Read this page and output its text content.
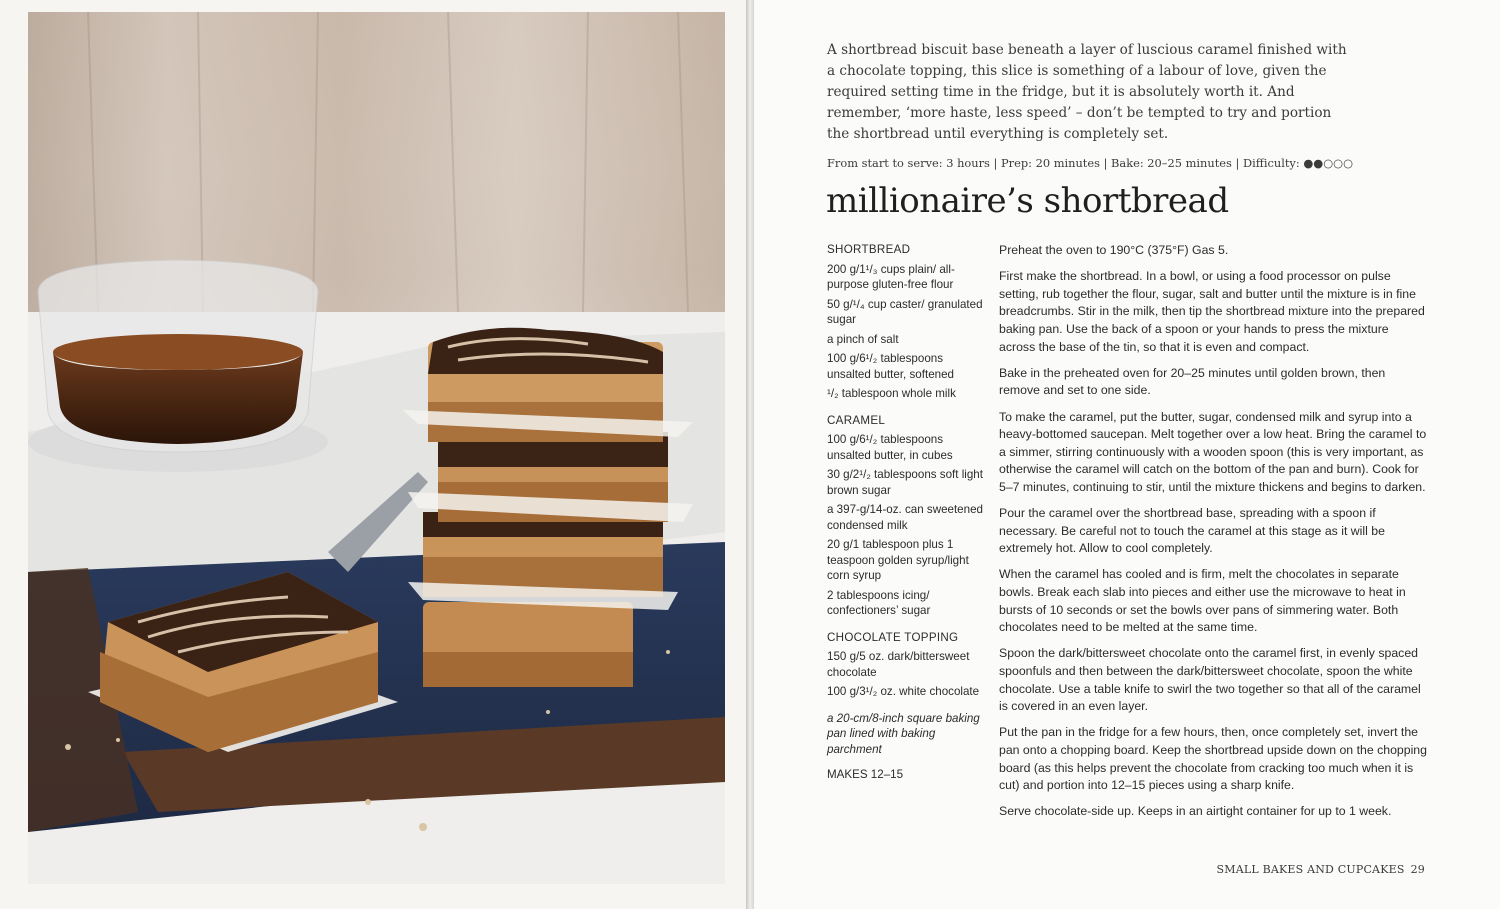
A shortbread biscuit base beneath a layer of luscious caramel finished with a chocolate topping, this slice is something of a labour of love, given the required setting time in the fridge, but it is absolutely worth it. And remember, ‘more haste, less speed’ – don’t be tempted to try and portion the shortbread until everything is completely set.

From start to serve: 3 hours | Prep: 20 minutes | Bake: 20–25 minutes | Difficulty: ●●○○○
millionaire’s shortbread
SHORTBREAD
200 g/1¹/₃ cups plain/ all-purpose gluten-free flour
50 g/¹/₄ cup caster/ granulated sugar
a pinch of salt
100 g/6¹/₂ tablespoons unsalted butter, softened
¹/₂ tablespoon whole milk
CARAMEL
100 g/6¹/₂ tablespoons unsalted butter, in cubes
30 g/2¹/₂ tablespoons soft light brown sugar
a 397-g/14-oz. can sweetened condensed milk
20 g/1 tablespoon plus 1 teaspoon golden syrup/light corn syrup
2 tablespoons icing/ confectioners’ sugar
CHOCOLATE TOPPING
150 g/5 oz. dark/bittersweet chocolate
100 g/3¹/₂ oz. white chocolate
a 20-cm/8-inch square baking pan lined with baking parchment
MAKES 12–15

Preheat the oven to 190°C (375°F) Gas 5.

First make the shortbread. In a bowl, or using a food processor on pulse setting, rub together the flour, sugar, salt and butter until the mixture is in fine breadcrumbs. Stir in the milk, then tip the shortbread mixture into the prepared baking pan. Use the back of a spoon or your hands to press the mixture across the base of the tin, so that it is even and compact.

Bake in the preheated oven for 20–25 minutes until golden brown, then remove and set to one side.

To make the caramel, put the butter, sugar, condensed milk and syrup into a heavy-bottomed saucepan. Melt together over a low heat. Bring the caramel to a simmer, stirring continuously with a wooden spoon (this is very important, as otherwise the caramel will catch on the bottom of the pan and burn). Cook for 5–7 minutes, continuing to stir, until the mixture thickens and begins to darken.

Pour the caramel over the shortbread base, spreading with a spoon if necessary. Be careful not to touch the caramel at this stage as it will be extremely hot. Allow to cool completely.

When the caramel has cooled and is firm, melt the chocolates in separate bowls. Break each slab into pieces and either use the microwave to heat in bursts of 10 seconds or set the bowls over pans of simmering water. Both chocolates need to be melted at the same time.

Spoon the dark/bittersweet chocolate onto the caramel first, in evenly spaced spoonfuls and then between the dark/bittersweet chocolate, spoon the white chocolate. Use a table knife to swirl the two together so that all of the caramel is covered in an even layer.

Put the pan in the fridge for a few hours, then, once completely set, invert the pan onto a chopping board. Keep the shortbread upside down on the chopping board (as this helps prevent the chocolate from cracking too much when it is cut) and portion into 12–15 pieces using a sharp knife.

Serve chocolate-side up. Keeps in an airtight container for up to 1 week.

SMALL BAKES AND CUPCAKES 29
